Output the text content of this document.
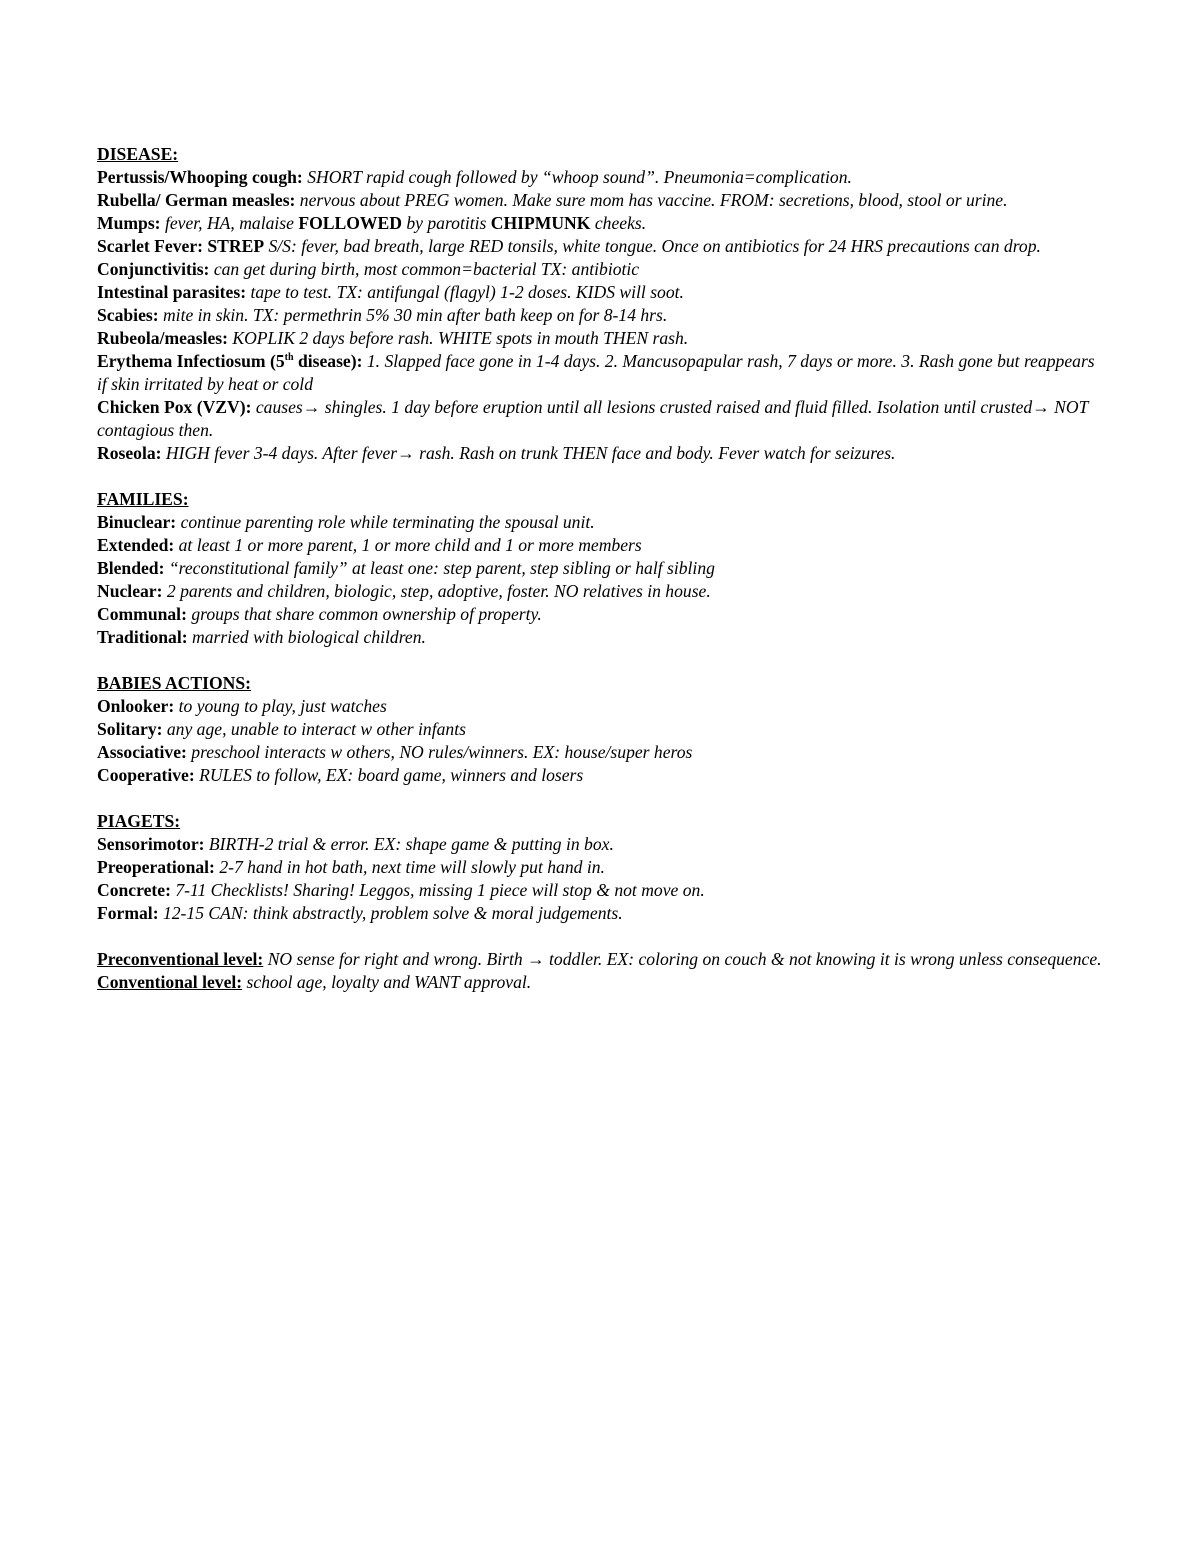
DISEASE:

Pertussis/Whooping cough: SHORT rapid cough followed by “whoop sound”. Pneumonia=complication.

Rubella/ German measles: nervous about PREG women. Make sure mom has vaccine. FROM: secretions, blood, stool or urine.

Mumps: fever, HA, malaise FOLLOWED by parotitis CHIPMUNK cheeks.

Scarlet Fever: STREP S/S: fever, bad breath, large RED tonsils, white tongue. Once on antibiotics for 24 HRS precautions can drop.

Conjunctivitis: can get during birth, most common=bacterial TX: antibiotic

Intestinal parasites: tape to test. TX: antifungal (flagyl) 1-2 doses. KIDS will soot.

Scabies: mite in skin. TX: permethrin 5% 30 min after bath keep on for 8-14 hrs.

Rubeola/measles: KOPLIK 2 days before rash. WHITE spots in mouth THEN rash.

Erythema Infectiosum (5th disease): 1. Slapped face gone in 1-4 days. 2. Mancusopapular rash, 7 days or more. 3. Rash gone but reappears if skin irritated by heat or cold

Chicken Pox (VZV): causes→ shingles. 1 day before eruption until all lesions crusted raised and fluid filled. Isolation until crusted→ NOT contagious then.

Roseola: HIGH fever 3-4 days. After fever→ rash. Rash on trunk THEN face and body. Fever watch for seizures.

FAMILIES:

Binuclear: continue parenting role while terminating the spousal unit.

Extended: at least 1 or more parent, 1 or more child and 1 or more members

Blended: “reconstitutional family” at least one: step parent, step sibling or half sibling

Nuclear: 2 parents and children, biologic, step, adoptive, foster. NO relatives in house.

Communal: groups that share common ownership of property.

Traditional: married with biological children.

BABIES ACTIONS:

Onlooker: to young to play, just watches

Solitary: any age, unable to interact w other infants

Associative: preschool interacts w others, NO rules/winners. EX: house/super heros

Cooperative: RULES to follow, EX: board game, winners and losers

PIAGETS:

Sensorimotor: BIRTH-2 trial & error. EX: shape game & putting in box.

Preoperational: 2-7 hand in hot bath, next time will slowly put hand in.

Concrete: 7-11 Checklists! Sharing! Leggos, missing 1 piece will stop & not move on.

Formal: 12-15 CAN: think abstractly, problem solve & moral judgements.

Preconventional level: NO sense for right and wrong. Birth → toddler. EX: coloring on couch & not knowing it is wrong unless consequence.

Conventional level: school age, loyalty and WANT approval.
